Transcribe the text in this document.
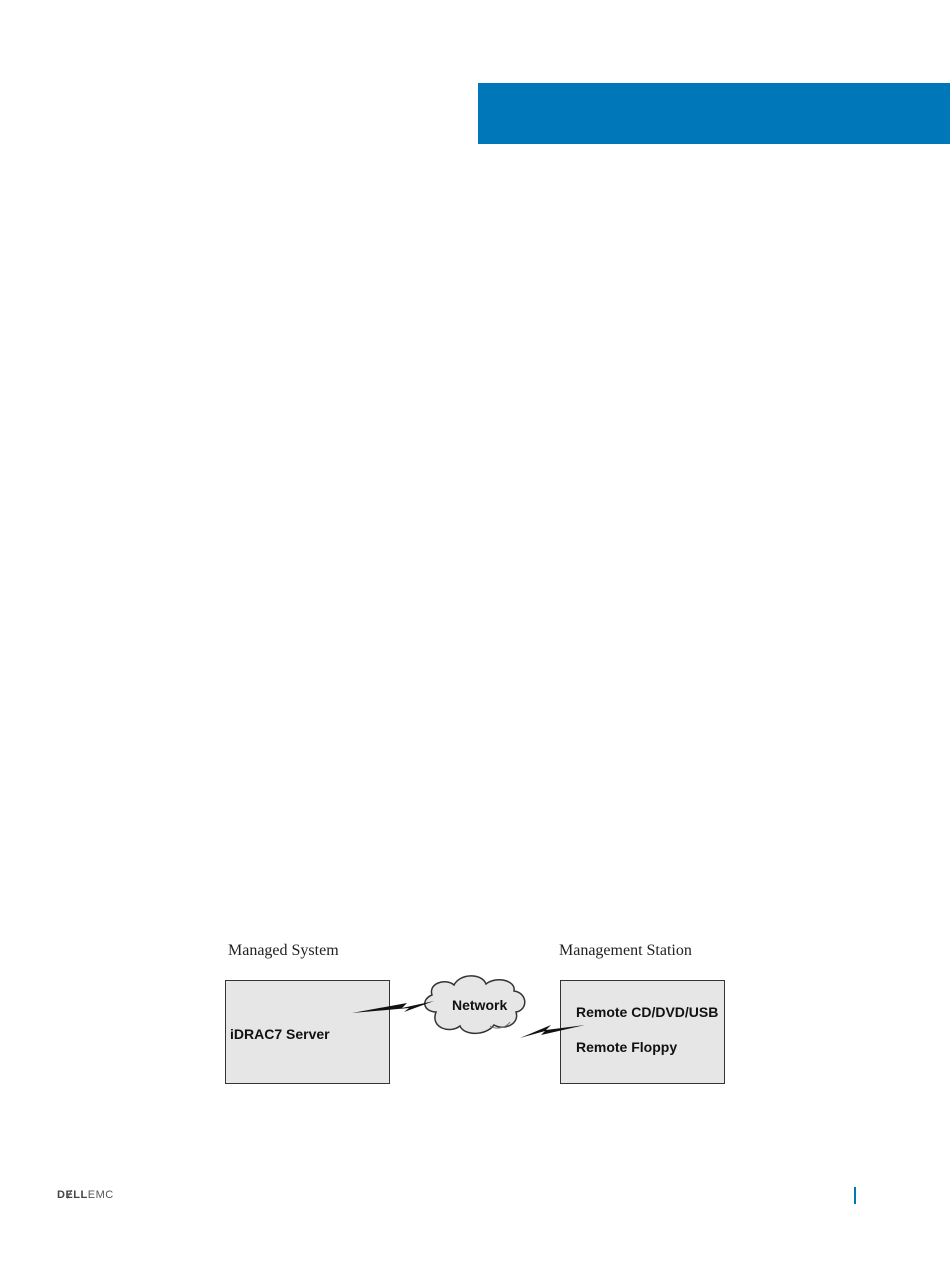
Managed System	Management Station
Network
iDRAC7 Server
Remote CD/DVD/USB
Remote Floppy
DɆLLEMC
